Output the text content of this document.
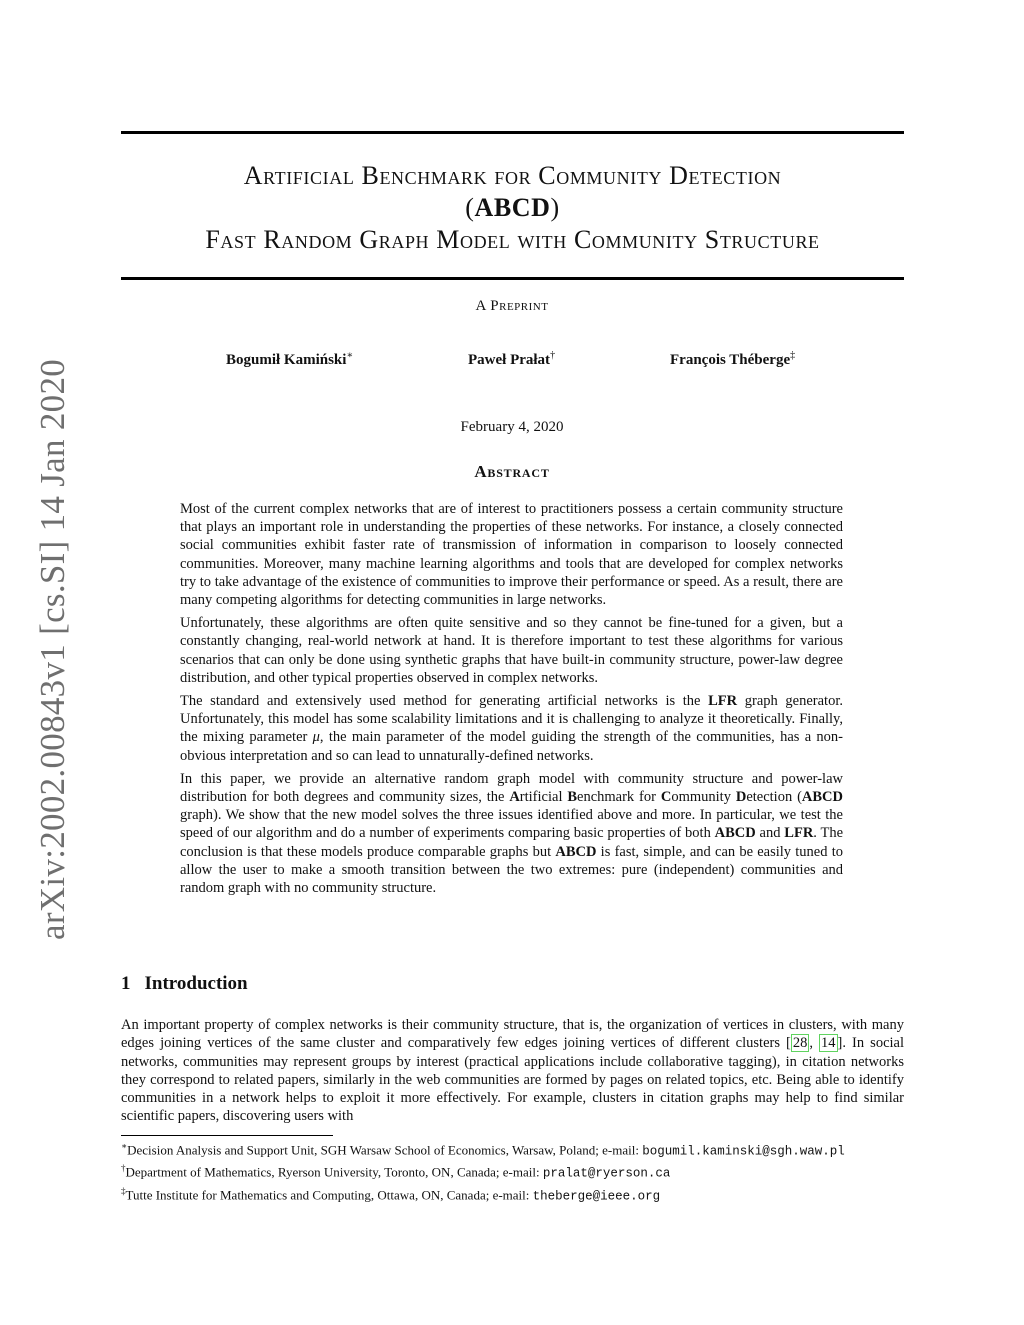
arXiv:2002.00843v1 [cs.SI] 14 Jan 2020
Artificial Benchmark for Community Detection
(ABCD)
Fast Random Graph Model with Community Structure
A Preprint
Bogumił Kamiński∗	Paweł Prałat†	François Théberge‡
February 4, 2020
Abstract

Most of the current complex networks that are of interest to practitioners possess a certain community structure that plays an important role in understanding the properties of these networks. For instance, a closely connected social communities exhibit faster rate of transmission of information in comparison to loosely connected communities. Moreover, many machine learning algorithms and tools that are developed for complex networks try to take advantage of the existence of communities to improve their performance or speed. As a result, there are many competing algorithms for detecting communities in large networks.

Unfortunately, these algorithms are often quite sensitive and so they cannot be fine-tuned for a given, but a constantly changing, real-world network at hand. It is therefore important to test these algorithms for various scenarios that can only be done using synthetic graphs that have built-in community structure, power-law degree distribution, and other typical properties observed in complex networks.

The standard and extensively used method for generating artificial networks is the LFR graph generator. Unfortunately, this model has some scalability limitations and it is challenging to analyze it theoretically. Finally, the mixing parameter μ, the main parameter of the model guiding the strength of the communities, has a non-obvious interpretation and so can lead to unnaturally-defined networks.

In this paper, we provide an alternative random graph model with community structure and power-law distribution for both degrees and community sizes, the Artificial Benchmark for Community Detection (ABCD graph). We show that the new model solves the three issues identified above and more. In particular, we test the speed of our algorithm and do a number of experiments comparing basic properties of both ABCD and LFR. The conclusion is that these models produce comparable graphs but ABCD is fast, simple, and can be easily tuned to allow the user to make a smooth transition between the two extremes: pure (independent) communities and random graph with no community structure.

1 Introduction
An important property of complex networks is their community structure, that is, the organization of vertices in clusters, with many edges joining vertices of the same cluster and comparatively few edges joining vertices of different clusters [ 28 , 14 ]. In social networks, communities may represent groups by interest (practical applications include collaborative tagging), in citation networks they correspond to related papers, similarly in the web communities are formed by pages on related topics, etc. Being able to identify communities in a network helps to exploit it more effectively. For example, clusters in citation graphs may help to find similar scientific papers, discovering users with

∗Decision Analysis and Support Unit, SGH Warsaw School of Economics, Warsaw, Poland; e-mail: bogumil.kaminski@sgh.waw.pl

†Department of Mathematics, Ryerson University, Toronto, ON, Canada; e-mail: pralat@ryerson.ca

‡Tutte Institute for Mathematics and Computing, Ottawa, ON, Canada; e-mail: theberge@ieee.org
